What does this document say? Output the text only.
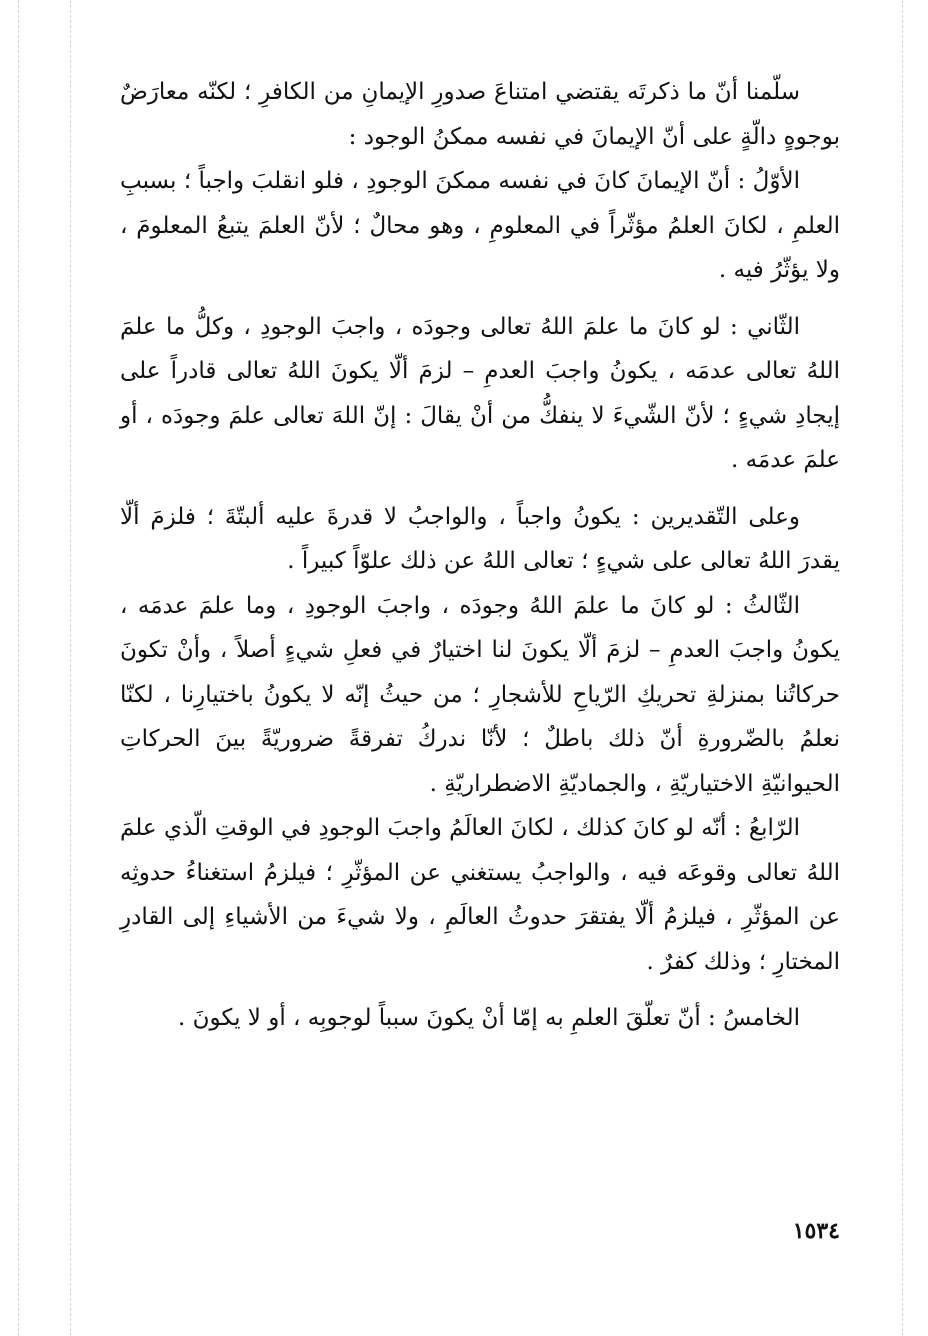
سلّمنا أنّ ما ذكرتَه يقتضي امتناعَ صدورِ الإيمانِ من الكافرِ ؛ لكنّه معارَضٌ بوجوهٍ دالّةٍ على أنّ الإيمانَ في نفسه ممكنُ الوجود :

الأوّلُ : أنّ الإيمانَ كانَ في نفسه ممكنَ الوجودِ ، فلو انقلبَ واجباً ؛ بسببِ العلمِ ، لكانَ العلمُ مؤثّراً في المعلومِ ، وهو محالٌ ؛ لأنّ العلمَ يتبعُ المعلومَ ، ولا يؤثّرُ فيه .

الثّاني : لو كانَ ما علمَ اللهُ تعالى وجودَه ، واجبَ الوجودِ ، وكلُّ ما علمَ اللهُ تعالى عدمَه ، يكونُ واجبَ العدمِ – لزمَ ألّا يكونَ اللهُ تعالى قادراً على إيجادِ شيءٍ ؛ لأنّ الشّيءَ لا ينفكُّ من أنْ يقالَ : إنّ اللهَ تعالى علمَ وجودَه ، أو علمَ عدمَه .

وعلى التّقديرين : يكونُ واجباً ، والواجبُ لا قدرةَ عليه ألبتّةَ ؛ فلزمَ ألّا يقدرَ اللهُ تعالى على شيءٍ ؛ تعالى اللهُ عن ذلك علوّاً كبيراً .

الثّالثُ : لو كانَ ما علمَ اللهُ وجودَه ، واجبَ الوجودِ ، وما علمَ عدمَه ، يكونُ واجبَ العدمِ – لزمَ ألّا يكونَ لنا اختيارٌ في فعلِ شيءٍ أصلاً ، وأنْ تكونَ حركاتُنا بمنزلةِ تحريكِ الرّياحِ للأشجارِ ؛ من حيثُ إنّه لا يكونُ باختيارِنا ، لكنّا نعلمُ بالضّرورةِ أنّ ذلك باطلٌ ؛ لأنّا ندركُ تفرقةً ضروريّةً بينَ الحركاتِ الحيوانيّةِ الاختياريّةِ ، والجماديّةِ الاضطراريّةِ .

الرّابعُ : أنّه لو كانَ كذلك ، لكانَ العالَمُ واجبَ الوجودِ في الوقتِ الّذي علمَ اللهُ تعالى وقوعَه فيه ، والواجبُ يستغني عن المؤثّرِ ؛ فيلزمُ استغناءُ حدوثِه عن المؤثّرِ ، فيلزمُ ألّا يفتقرَ حدوثُ العالَمِ ، ولا شيءَ من الأشياءِ إلى القادرِ المختارِ ؛ وذلك كفرٌ .

الخامسُ : أنّ تعلّقَ العلمِ به إمّا أنْ يكونَ سبباً لوجوبِه ، أو لا يكونَ .

١٥٣٤
